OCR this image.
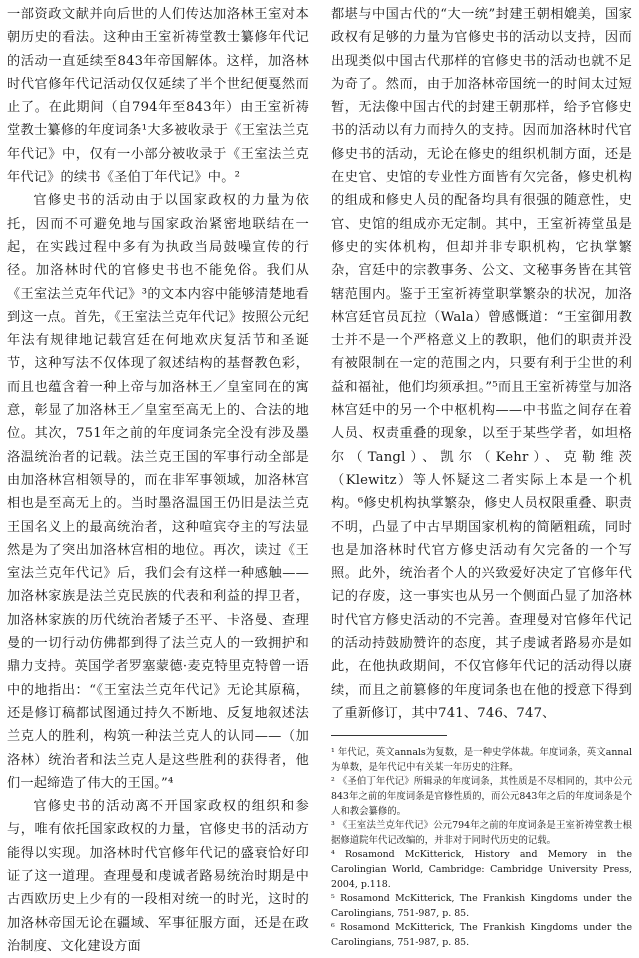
一部资政文献并向后世的人们传达加洛林王室对本朝历史的看法。这种由王室祈祷堂教士纂修年代记的活动一直延续至843年帝国解体。这样，加洛林时代官修年代记活动仅仅延续了半个世纪便戛然而止了。在此期间（自794年至843年）由王室祈祷堂教士纂修的年度词条¹大多被收录于《王室法兰克年代记》中，仅有一小部分被收录于《王室法兰克年代记》的续书《圣伯丁年代记》中。²

官修史书的活动由于以国家政权的力量为依托，因而不可避免地与国家政治紧密地联结在一起，在实践过程中多有为执政当局鼓噪宣传的行径。加洛林时代的官修史书也不能免俗。我们从《王室法兰克年代记》³的文本内容中能够清楚地看到这一点。首先，《王室法兰克年代记》按照公元纪年法有规律地记载宫廷在何地欢庆复活节和圣诞节，这种写法不仅体现了叙述结构的基督教色彩，而且也蕴含着一种上帝与加洛林王／皇室同在的寓意，彰显了加洛林王／皇室至高无上的、合法的地位。其次，751年之前的年度词条完全没有涉及墨洛温统治者的记载。法兰克王国的军事行动全部是由加洛林宫相领导的，而在非军事领域，加洛林宫相也是至高无上的。当时墨洛温国王仍旧是法兰克王国名义上的最高统治者，这种喧宾夺主的写法显然是为了突出加洛林宫相的地位。再次，读过《王室法兰克年代记》后，我们会有这样一种感触——加洛林家族是法兰克民族的代表和利益的捍卫者，加洛林家族的历代统治者矮子丕平、卡洛曼、查理曼的一切行动仿佛都到得了法兰克人的一致拥护和鼎力支持。英国学者罗塞蒙德·麦克特里克特曾一语中的地指出：“《王室法兰克年代记》无论其原稿，还是修订稿都试图通过持久不断地、反复地叙述法兰克人的胜利，构筑一种法兰克人的认同——（加洛林）统治者和法兰克人是这些胜利的获得者，他们一起缔造了伟大的王国。”⁴

官修史书的活动离不开国家政权的组织和参与，唯有依托国家政权的力量，官修史书的活动方能得以实现。加洛林时代官修年代记的盛衰恰好印证了这一道理。查理曼和虔诚者路易统治时期是中古西欧历史上少有的一段相对统一的时光，这时的加洛林帝国无论在疆域、军事征服方面，还是在政治制度、文化建设方面

都堪与中国古代的“大一统”封建王朝相媲美，国家政权有足够的力量为官修史书的活动以支持，因而出现类似中国古代那样的官修史书的活动也就不足为奇了。然而，由于加洛林帝国统一的时间太过短暂，无法像中国古代的封建王朝那样，给予官修史书的活动以有力而持久的支持。因而加洛林时代官修史书的活动，无论在修史的组织机制方面，还是在史官、史馆的专业性方面皆有欠完备，修史机构的组成和修史人员的配备均具有很强的随意性，史官、史馆的组成亦无定制。其中，王室祈祷堂虽是修史的实体机构，但却并非专职机构，它执掌繁杂，宫廷中的宗教事务、公文、文秘事务皆在其管辖范围内。鉴于王室祈祷堂职掌繁杂的状况，加洛林宫廷官员瓦拉（Wala）曾感慨道：“王室御用教士并不是一个严格意义上的教职，他们的职责并没有被限制在一定的范围之内，只要有利于尘世的利益和福祉，他们均须承担。”⁵而且王室祈祷堂与加洛林宫廷中的另一个中枢机构——中书监之间存在着人员、权责重叠的现象，以至于某些学者，如坦格尔（Tangl）、凯尔（Kehr）、克勒维茨（Klewitz）等人怀疑这二者实际上本是一个机构。⁶修史机构执掌繁杂，修史人员权限重叠、职责不明，凸显了中古早期国家机构的简陋粗疏，同时也是加洛林时代官方修史活动有欠完备的一个写照。此外，统治者个人的兴致爱好决定了官修年代记的存废，这一事实也从另一个侧面凸显了加洛林时代官方修史活动的不完善。查理曼对官修年代记的活动持鼓励赞许的态度，其子虔诚者路易亦是如此，在他执政期间，不仅官修年代记的活动得以赓续，而且之前篡修的年度词条也在他的授意下得到了重新修订，其中741、746、747、

¹ 年代记，英文annals为复数，是一种史学体裁。年度词条，英文annal为单数，是年代记中有关某一年历史的注释。

² 《圣伯丁年代记》所辑录的年度词条，其性质是不尽相同的，其中公元843年之前的年度词条是官修性质的，而公元843年之后的年度词条是个人和教会纂修的。

³ 《王室法兰克年代记》公元794年之前的年度词条是王室祈祷堂教士根据修道院年代记改编的，并非对于同时代历史的记载。

⁴ Rosamond McKitterick, History and Memory in the Carolingian World, Cambridge: Cambridge University Press, 2004, p.118.

⁵ Rosamond McKitterick, The Frankish Kingdoms under the Carolingians, 751-987, p. 85.

⁶ Rosamond McKitterick, The Frankish Kingdoms under the Carolingians, 751-987, p. 85.
